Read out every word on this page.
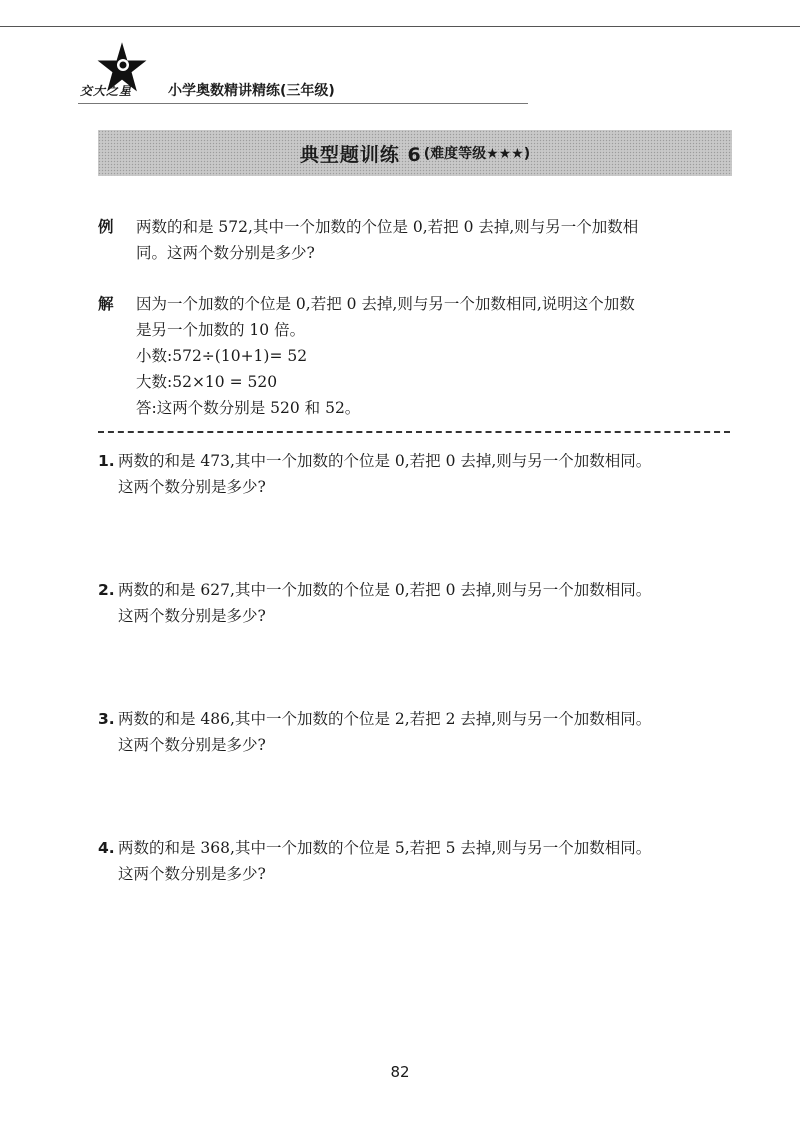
交大之星	小学奥数精讲精练(三年级)
典型题训练 6 (难度等级★★★)
例 两数的和是 572,其中一个加数的个位是 0,若把 0 去掉,则与另一个加数相
同。这两个数分别是多少?
解 因为一个加数的个位是 0,若把 0 去掉,则与另一个加数相同,说明这个加数
是另一个加数的 10 倍。
小数:572÷(10+1)= 52
大数:52×10 = 520
答:这两个数分别是 520 和 52。
1. 两数的和是 473,其中一个加数的个位是 0,若把 0 去掉,则与另一个加数相同。
这两个数分别是多少?
2. 两数的和是 627,其中一个加数的个位是 0,若把 0 去掉,则与另一个加数相同。
这两个数分别是多少?
3. 两数的和是 486,其中一个加数的个位是 2,若把 2 去掉,则与另一个加数相同。
这两个数分别是多少?
4. 两数的和是 368,其中一个加数的个位是 5,若把 5 去掉,则与另一个加数相同。
这两个数分别是多少?
82
